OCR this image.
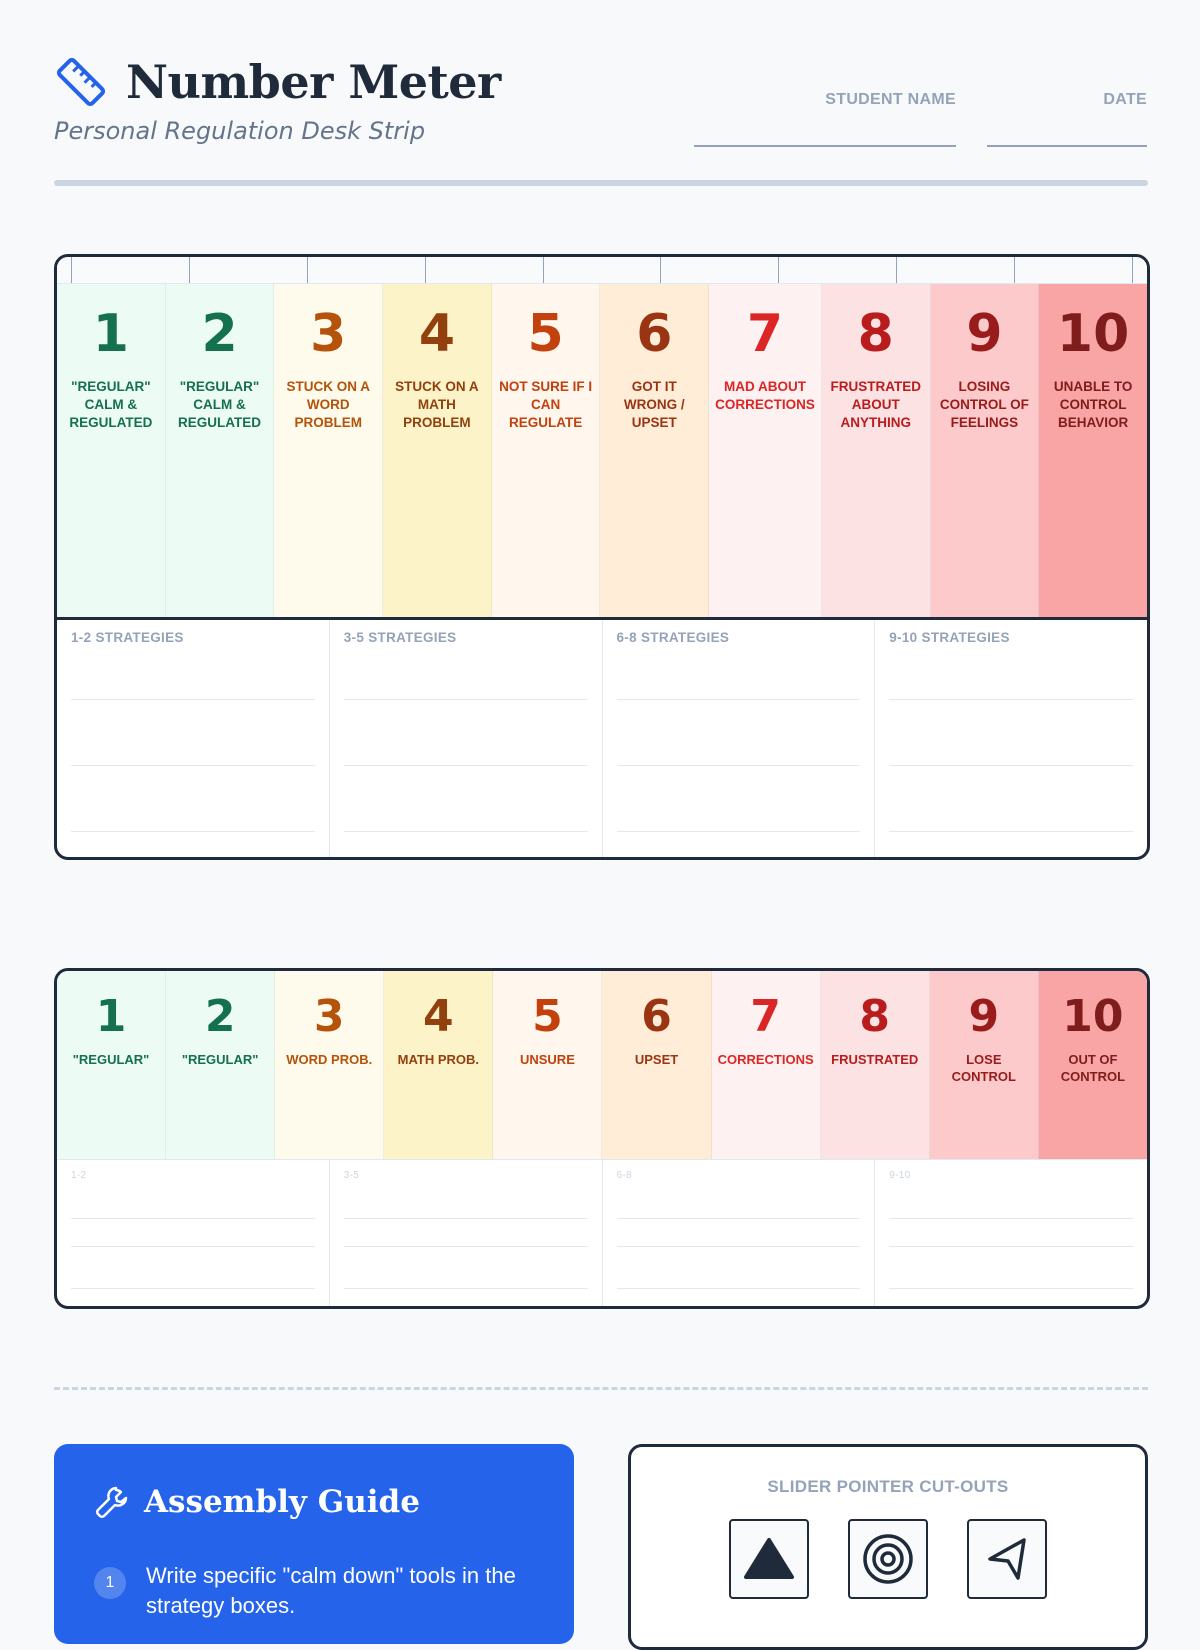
Number Meter
Personal Regulation Desk Strip
STUDENT NAME	DATE
1
"REGULAR" CALM & REGULATED
2
"REGULAR" CALM & REGULATED
3
STUCK ON A WORD PROBLEM
4
STUCK ON A MATH PROBLEM
5
NOT SURE IF I CAN REGULATE
6
GOT IT WRONG / UPSET
7
MAD ABOUT CORRECTIONS
8
FRUSTRATED ABOUT ANYTHING
9
LOSING CONTROL OF FEELINGS
10
UNABLE TO CONTROL BEHAVIOR
1-2 STRATEGIES	3-5 STRATEGIES	6-8 STRATEGIES	9-10 STRATEGIES
1
"REGULAR"
2
"REGULAR"
3
WORD PROB.
4
MATH PROB.
5
UNSURE
6
UPSET
7
CORRECTIONS
8
FRUSTRATED
9
LOSE CONTROL
10
OUT OF CONTROL
1-2	3-5	6-8	9-10
Assembly Guide
1	Write specific "calm down" tools in the strategy boxes.
SLIDER POINTER CUT-OUTS
